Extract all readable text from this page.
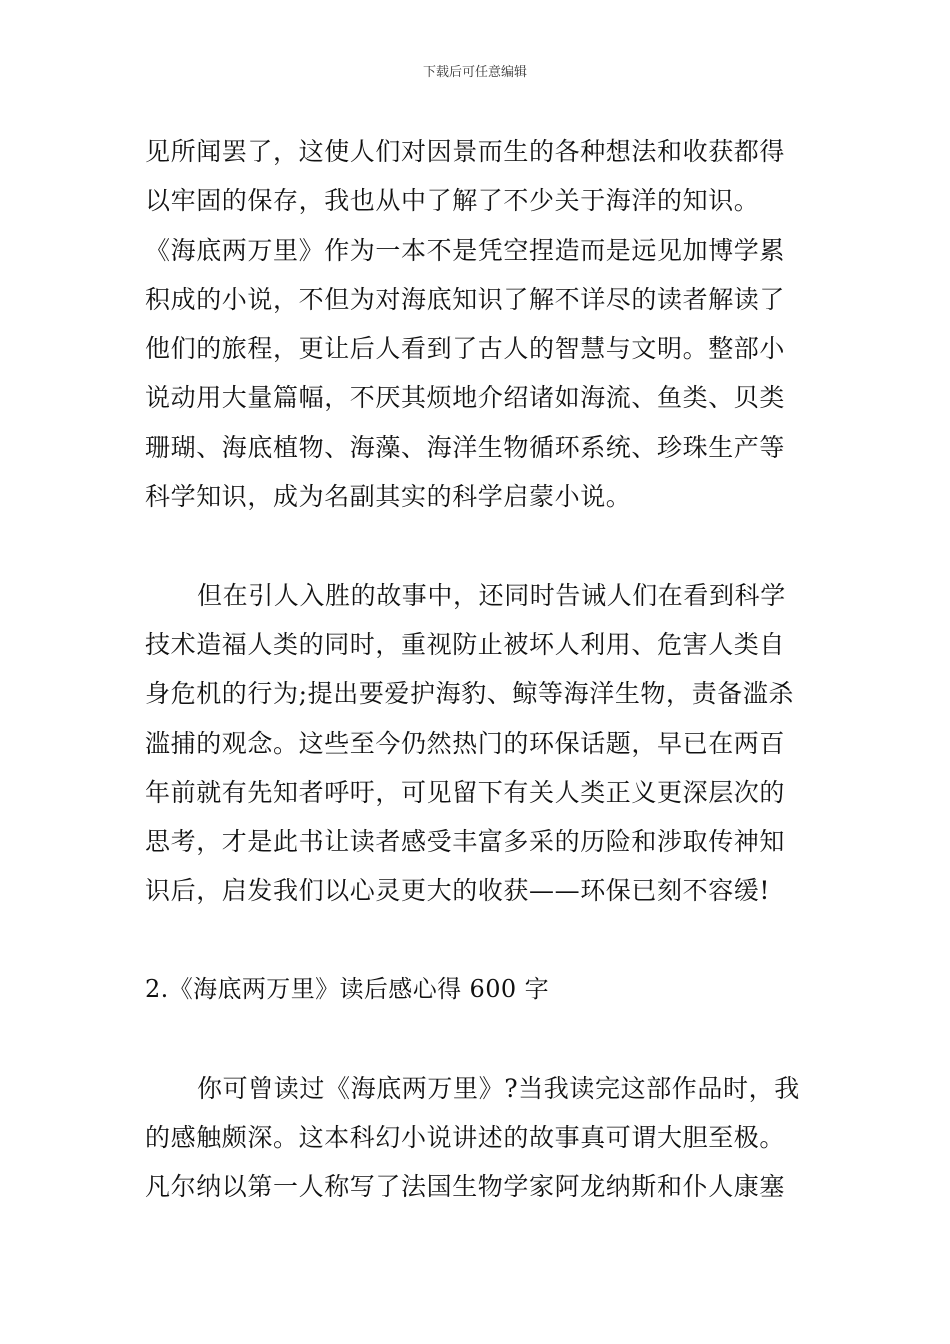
下载后可任意编辑
见所闻罢了，这使人们对因景而生的各种想法和收获都得
以牢固的保存，我也从中了解了不少关于海洋的知识。
《海底两万里》作为一本不是凭空捏造而是远见加博学累
积成的小说，不但为对海底知识了解不详尽的读者解读了
他们的旅程，更让后人看到了古人的智慧与文明。整部小
说动用大量篇幅，不厌其烦地介绍诸如海流、鱼类、贝类
珊瑚、海底植物、海藻、海洋生物循环系统、珍珠生产等
科学知识，成为名副其实的科学启蒙小说。
但在引人入胜的故事中，还同时告诫人们在看到科学
技术造福人类的同时，重视防止被坏人利用、危害人类自
身危机的行为;提出要爱护海豹、鲸等海洋生物，责备滥杀
滥捕的观念。这些至今仍然热门的环保话题，早已在两百
年前就有先知者呼吁，可见留下有关人类正义更深层次的
思考，才是此书让读者感受丰富多采的历险和涉取传神知
识后，启发我们以心灵更大的收获——环保已刻不容缓!
2.《海底两万里》读后感心得 600 字
你可曾读过《海底两万里》?当我读完这部作品时，我
的感触颇深。这本科幻小说讲述的故事真可谓大胆至极。
凡尔纳以第一人称写了法国生物学家阿龙纳斯和仆人康塞
